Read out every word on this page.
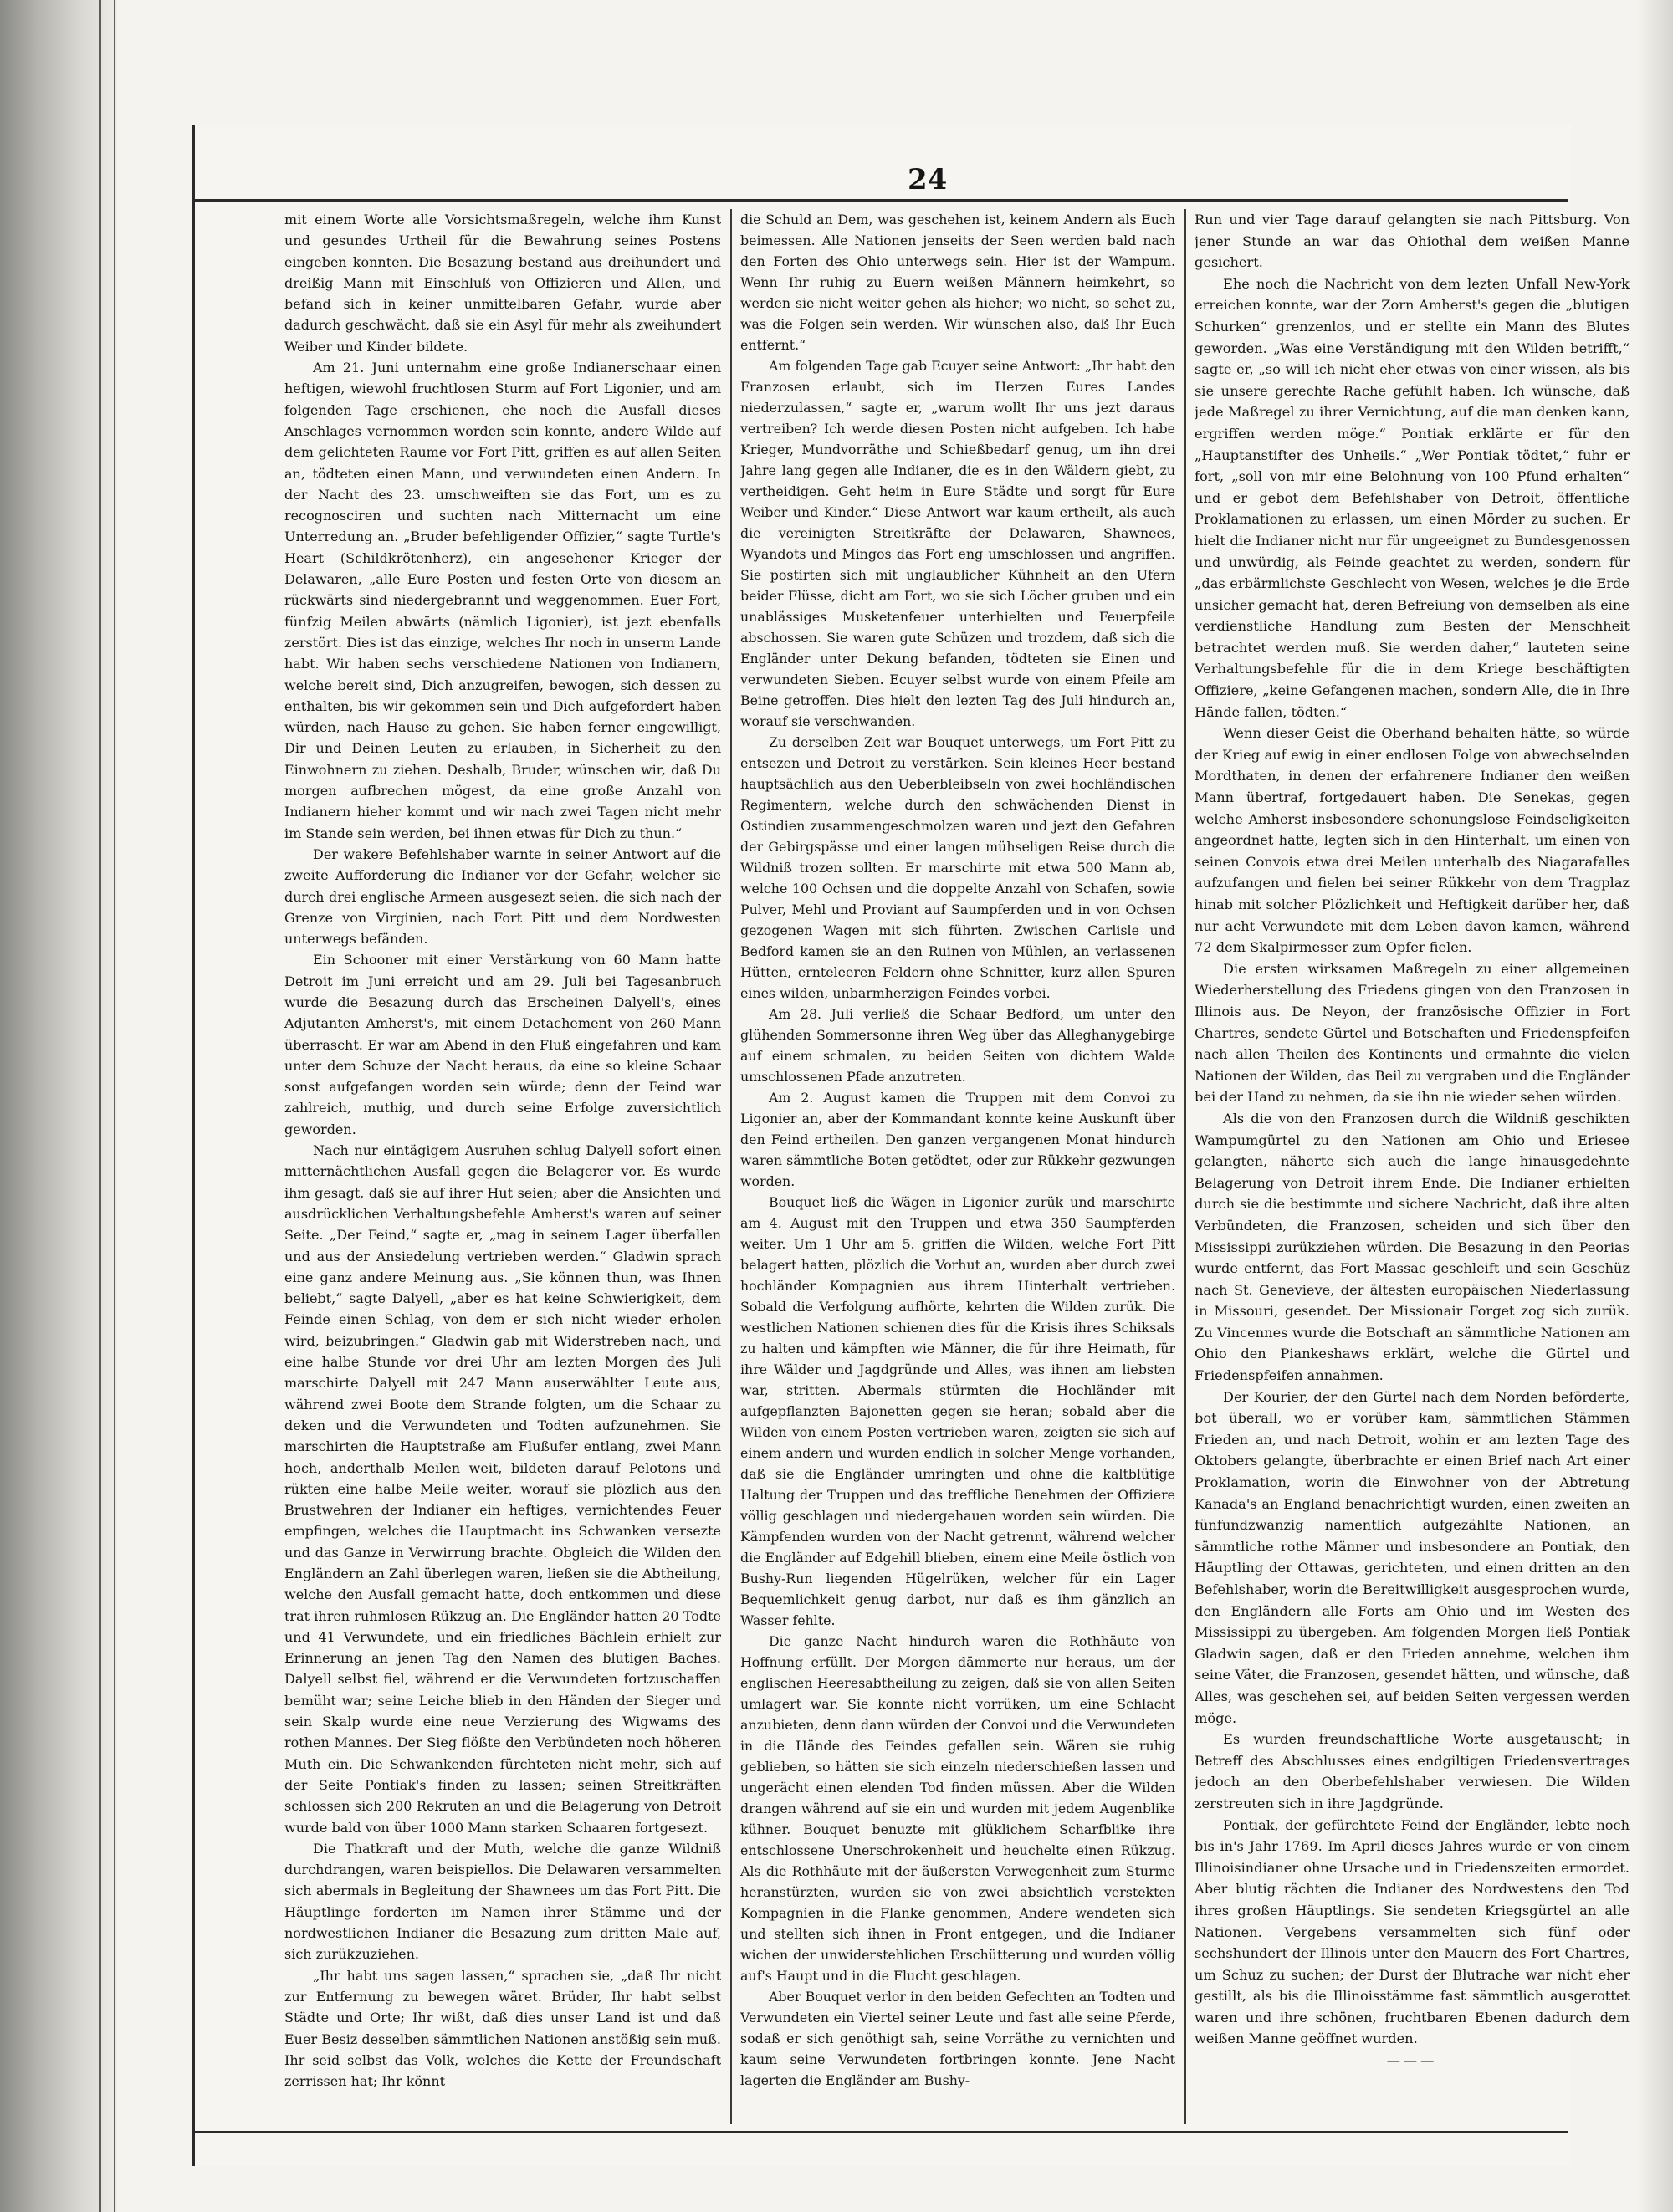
24

mit einem Worte alle Vorsichtsmaßregeln, welche ihm Kunst und gesundes Urtheil für die Bewahrung seines Postens eingeben konnten. Die Besazung bestand aus dreihundert und dreißig Mann mit Einschluß von Offizieren und Allen, und befand sich in keiner unmittelbaren Gefahr, wurde aber dadurch geschwächt, daß sie ein Asyl für mehr als zweihundert Weiber und Kinder bildete.

Am 21. Juni unternahm eine große Indianerschaar einen heftigen, wiewohl fruchtlosen Sturm auf Fort Ligonier, und am folgenden Tage erschienen, ehe noch die Ausfall dieses Anschlages vernommen worden sein konnte, andere Wilde auf dem gelichteten Raume vor Fort Pitt, griffen es auf allen Seiten an, tödteten einen Mann, und verwundeten einen Andern. In der Nacht des 23. umschweiften sie das Fort, um es zu recognosciren und suchten nach Mitternacht um eine Unterredung an. „Bruder befehligender Offizier,“ sagte Turtle's Heart (Schildkrötenherz), ein angesehener Krieger der Delawaren, „alle Eure Posten und festen Orte von diesem an rückwärts sind niedergebrannt und weggenommen. Euer Fort, fünfzig Meilen abwärts (nämlich Ligonier), ist jezt ebenfalls zerstört. Dies ist das einzige, welches Ihr noch in unserm Lande habt. Wir haben sechs verschiedene Nationen von Indianern, welche bereit sind, Dich anzugreifen, bewogen, sich dessen zu enthalten, bis wir gekommen sein und Dich aufgefordert haben würden, nach Hause zu gehen. Sie haben ferner eingewilligt, Dir und Deinen Leuten zu erlauben, in Sicherheit zu den Einwohnern zu ziehen. Deshalb, Bruder, wünschen wir, daß Du morgen aufbrechen mögest, da eine große Anzahl von Indianern hieher kommt und wir nach zwei Tagen nicht mehr im Stande sein werden, bei ihnen etwas für Dich zu thun.“

Der wakere Befehlshaber warnte in seiner Antwort auf die zweite Aufforderung die Indianer vor der Gefahr, welcher sie durch drei englische Armeen ausgesezt seien, die sich nach der Grenze von Virginien, nach Fort Pitt und dem Nordwesten unterwegs befänden.

Ein Schooner mit einer Verstärkung von 60 Mann hatte Detroit im Juni erreicht und am 29. Juli bei Tagesanbruch wurde die Besazung durch das Erscheinen Dalyell's, eines Adjutanten Amherst's, mit einem Detachement von 260 Mann überrascht. Er war am Abend in den Fluß eingefahren und kam unter dem Schuze der Nacht heraus, da eine so kleine Schaar sonst aufgefangen worden sein würde; denn der Feind war zahlreich, muthig, und durch seine Erfolge zuversichtlich geworden.

Nach nur eintägigem Ausruhen schlug Dalyell sofort einen mitternächtlichen Ausfall gegen die Belagerer vor. Es wurde ihm gesagt, daß sie auf ihrer Hut seien; aber die Ansichten und ausdrücklichen Verhaltungsbefehle Amherst's waren auf seiner Seite. „Der Feind,“ sagte er, „mag in seinem Lager überfallen und aus der Ansiedelung vertrieben werden.“ Gladwin sprach eine ganz andere Meinung aus. „Sie können thun, was Ihnen beliebt,“ sagte Dalyell, „aber es hat keine Schwierigkeit, dem Feinde einen Schlag, von dem er sich nicht wieder erholen wird, beizubringen.“ Gladwin gab mit Widerstreben nach, und eine halbe Stunde vor drei Uhr am lezten Morgen des Juli marschirte Dalyell mit 247 Mann auserwählter Leute aus, während zwei Boote dem Strande folgten, um die Schaar zu deken und die Verwundeten und Todten aufzunehmen. Sie marschirten die Hauptstraße am Flußufer entlang, zwei Mann hoch, anderthalb Meilen weit, bildeten darauf Pelotons und rükten eine halbe Meile weiter, worauf sie plözlich aus den Brustwehren der Indianer ein heftiges, vernichtendes Feuer empfingen, welches die Hauptmacht ins Schwanken versezte und das Ganze in Verwirrung brachte. Obgleich die Wilden den Engländern an Zahl überlegen waren, ließen sie die Abtheilung, welche den Ausfall gemacht hatte, doch entkommen und diese trat ihren ruhmlosen Rükzug an. Die Engländer hatten 20 Todte und 41 Verwundete, und ein friedliches Bächlein erhielt zur Erinnerung an jenen Tag den Namen des blutigen Baches. Dalyell selbst fiel, während er die Verwundeten fortzuschaffen bemüht war; seine Leiche blieb in den Händen der Sieger und sein Skalp wurde eine neue Verzierung des Wigwams des rothen Mannes. Der Sieg flößte den Verbündeten noch höheren Muth ein. Die Schwankenden fürchteten nicht mehr, sich auf der Seite Pontiak's finden zu lassen; seinen Streitkräften schlossen sich 200 Rekruten an und die Belagerung von Detroit wurde bald von über 1000 Mann starken Schaaren fortgesezt.

Die Thatkraft und der Muth, welche die ganze Wildniß durchdrangen, waren beispiellos. Die Delawaren versammelten sich abermals in Begleitung der Shawnees um das Fort Pitt. Die Häuptlinge forderten im Namen ihrer Stämme und der nordwestlichen Indianer die Besazung zum dritten Male auf, sich zurükzuziehen.

„Ihr habt uns sagen lassen,“ sprachen sie, „daß Ihr nicht zur Entfernung zu bewegen wäret. Brüder, Ihr habt selbst Städte und Orte; Ihr wißt, daß dies unser Land ist und daß Euer Besiz desselben sämmtlichen Nationen anstößig sein muß. Ihr seid selbst das Volk, welches die Kette der Freundschaft zerrissen hat; Ihr könnt

die Schuld an Dem, was geschehen ist, keinem Andern als Euch beimessen. Alle Nationen jenseits der Seen werden bald nach den Forten des Ohio unterwegs sein. Hier ist der Wampum. Wenn Ihr ruhig zu Euern weißen Männern heimkehrt, so werden sie nicht weiter gehen als hieher; wo nicht, so sehet zu, was die Folgen sein werden. Wir wünschen also, daß Ihr Euch entfernt.“

Am folgenden Tage gab Ecuyer seine Antwort: „Ihr habt den Franzosen erlaubt, sich im Herzen Eures Landes niederzulassen,“ sagte er, „warum wollt Ihr uns jezt daraus vertreiben? Ich werde diesen Posten nicht aufgeben. Ich habe Krieger, Mundvorräthe und Schießbedarf genug, um ihn drei Jahre lang gegen alle Indianer, die es in den Wäldern giebt, zu vertheidigen. Geht heim in Eure Städte und sorgt für Eure Weiber und Kinder.“ Diese Antwort war kaum ertheilt, als auch die vereinigten Streitkräfte der Delawaren, Shawnees, Wyandots und Mingos das Fort eng umschlossen und angriffen. Sie postirten sich mit unglaublicher Kühnheit an den Ufern beider Flüsse, dicht am Fort, wo sie sich Löcher gruben und ein unablässiges Musketenfeuer unterhielten und Feuerpfeile abschossen. Sie waren gute Schüzen und trozdem, daß sich die Engländer unter Dekung befanden, tödteten sie Einen und verwundeten Sieben. Ecuyer selbst wurde von einem Pfeile am Beine getroffen. Dies hielt den lezten Tag des Juli hindurch an, worauf sie verschwanden.

Zu derselben Zeit war Bouquet unterwegs, um Fort Pitt zu entsezen und Detroit zu verstärken. Sein kleines Heer bestand hauptsächlich aus den Ueberbleibseln von zwei hochländischen Regimentern, welche durch den schwächenden Dienst in Ostindien zusammengeschmolzen waren und jezt den Gefahren der Gebirgspässe und einer langen mühseligen Reise durch die Wildniß trozen sollten. Er marschirte mit etwa 500 Mann ab, welche 100 Ochsen und die doppelte Anzahl von Schafen, sowie Pulver, Mehl und Proviant auf Saumpferden und in von Ochsen gezogenen Wagen mit sich führten. Zwischen Carlisle und Bedford kamen sie an den Ruinen von Mühlen, an verlassenen Hütten, ernteleeren Feldern ohne Schnitter, kurz allen Spuren eines wilden, unbarmherzigen Feindes vorbei.

Am 28. Juli verließ die Schaar Bedford, um unter den glühenden Sommersonne ihren Weg über das Alleghanygebirge auf einem schmalen, zu beiden Seiten von dichtem Walde umschlossenen Pfade anzutreten.

Am 2. August kamen die Truppen mit dem Convoi zu Ligonier an, aber der Kommandant konnte keine Auskunft über den Feind ertheilen. Den ganzen vergangenen Monat hindurch waren sämmtliche Boten getödtet, oder zur Rükkehr gezwungen worden.

Bouquet ließ die Wägen in Ligonier zurük und marschirte am 4. August mit den Truppen und etwa 350 Saumpferden weiter. Um 1 Uhr am 5. griffen die Wilden, welche Fort Pitt belagert hatten, plözlich die Vorhut an, wurden aber durch zwei hochländer Kompagnien aus ihrem Hinterhalt vertrieben. Sobald die Verfolgung aufhörte, kehrten die Wilden zurük. Die westlichen Nationen schienen dies für die Krisis ihres Schiksals zu halten und kämpften wie Männer, die für ihre Heimath, für ihre Wälder und Jagdgründe und Alles, was ihnen am liebsten war, stritten. Abermals stürmten die Hochländer mit aufgepflanzten Bajonetten gegen sie heran; sobald aber die Wilden von einem Posten vertrieben waren, zeigten sie sich auf einem andern und wurden endlich in solcher Menge vorhanden, daß sie die Engländer umringten und ohne die kaltblütige Haltung der Truppen und das treffliche Benehmen der Offiziere völlig geschlagen und niedergehauen worden sein würden. Die Kämpfenden wurden von der Nacht getrennt, während welcher die Engländer auf Edgehill blieben, einem eine Meile östlich von Bushy-Run liegenden Hügelrüken, welcher für ein Lager Bequemlichkeit genug darbot, nur daß es ihm gänzlich an Wasser fehlte.

Die ganze Nacht hindurch waren die Rothhäute von Hoffnung erfüllt. Der Morgen dämmerte nur heraus, um der englischen Heeresabtheilung zu zeigen, daß sie von allen Seiten umlagert war. Sie konnte nicht vorrüken, um eine Schlacht anzubieten, denn dann würden der Convoi und die Verwundeten in die Hände des Feindes gefallen sein. Wären sie ruhig geblieben, so hätten sie sich einzeln niederschießen lassen und ungerächt einen elenden Tod finden müssen. Aber die Wilden drangen während auf sie ein und wurden mit jedem Augenblike kühner. Bouquet benuzte mit glüklichem Scharfblike ihre entschlossene Unerschrokenheit und heuchelte einen Rükzug. Als die Rothhäute mit der äußersten Verwegenheit zum Sturme heranstürzten, wurden sie von zwei absichtlich verstekten Kompagnien in die Flanke genommen, Andere wendeten sich und stellten sich ihnen in Front entgegen, und die Indianer wichen der unwiderstehlichen Erschütterung und wurden völlig auf's Haupt und in die Flucht geschlagen.

Aber Bouquet verlor in den beiden Gefechten an Todten und Verwundeten ein Viertel seiner Leute und fast alle seine Pferde, sodaß er sich genöthigt sah, seine Vorräthe zu vernichten und kaum seine Verwundeten fortbringen konnte. Jene Nacht lagerten die Engländer am Bushy-

Run und vier Tage darauf gelangten sie nach Pittsburg. Von jener Stunde an war das Ohiothal dem weißen Manne gesichert.

Ehe noch die Nachricht von dem lezten Unfall New-York erreichen konnte, war der Zorn Amherst's gegen die „blutigen Schurken“ grenzenlos, und er stellte ein Mann des Blutes geworden. „Was eine Verständigung mit den Wilden betrifft,“ sagte er, „so will ich nicht eher etwas von einer wissen, als bis sie unsere gerechte Rache gefühlt haben. Ich wünsche, daß jede Maßregel zu ihrer Vernichtung, auf die man denken kann, ergriffen werden möge.“ Pontiak erklärte er für den „Hauptanstifter des Unheils.“ „Wer Pontiak tödtet,“ fuhr er fort, „soll von mir eine Belohnung von 100 Pfund erhalten“ und er gebot dem Befehlshaber von Detroit, öffentliche Proklamationen zu erlassen, um einen Mörder zu suchen. Er hielt die Indianer nicht nur für ungeeignet zu Bundesgenossen und unwürdig, als Feinde geachtet zu werden, sondern für „das erbärmlichste Geschlecht von Wesen, welches je die Erde unsicher gemacht hat, deren Befreiung von demselben als eine verdienstliche Handlung zum Besten der Menschheit betrachtet werden muß. Sie werden daher,“ lauteten seine Verhaltungsbefehle für die in dem Kriege beschäftigten Offiziere, „keine Gefangenen machen, sondern Alle, die in Ihre Hände fallen, tödten.“

Wenn dieser Geist die Oberhand behalten hätte, so würde der Krieg auf ewig in einer endlosen Folge von abwechselnden Mordthaten, in denen der erfahrenere Indianer den weißen Mann übertraf, fortgedauert haben. Die Senekas, gegen welche Amherst insbesondere schonungslose Feindseligkeiten angeordnet hatte, legten sich in den Hinterhalt, um einen von seinen Convois etwa drei Meilen unterhalb des Niagarafalles aufzufangen und fielen bei seiner Rükkehr von dem Tragplaz hinab mit solcher Plözlichkeit und Heftigkeit darüber her, daß nur acht Verwundete mit dem Leben davon kamen, während 72 dem Skalpirmesser zum Opfer fielen.

Die ersten wirksamen Maßregeln zu einer allgemeinen Wiederherstellung des Friedens gingen von den Franzosen in Illinois aus. De Neyon, der französische Offizier in Fort Chartres, sendete Gürtel und Botschaften und Friedenspfeifen nach allen Theilen des Kontinents und ermahnte die vielen Nationen der Wilden, das Beil zu vergraben und die Engländer bei der Hand zu nehmen, da sie ihn nie wieder sehen würden.

Als die von den Franzosen durch die Wildniß geschikten Wampumgürtel zu den Nationen am Ohio und Eriesee gelangten, näherte sich auch die lange hinausgedehnte Belagerung von Detroit ihrem Ende. Die Indianer erhielten durch sie die bestimmte und sichere Nachricht, daß ihre alten Verbündeten, die Franzosen, scheiden und sich über den Mississippi zurükziehen würden. Die Besazung in den Peorias wurde entfernt, das Fort Massac geschleift und sein Geschüz nach St. Genevieve, der ältesten europäischen Niederlassung in Missouri, gesendet. Der Missionair Forget zog sich zurük. Zu Vincennes wurde die Botschaft an sämmtliche Nationen am Ohio den Piankeshaws erklärt, welche die Gürtel und Friedenspfeifen annahmen.

Der Kourier, der den Gürtel nach dem Norden beförderte, bot überall, wo er vorüber kam, sämmtlichen Stämmen Frieden an, und nach Detroit, wohin er am lezten Tage des Oktobers gelangte, überbrachte er einen Brief nach Art einer Proklamation, worin die Einwohner von der Abtretung Kanada's an England benachrichtigt wurden, einen zweiten an fünfundzwanzig namentlich aufgezählte Nationen, an sämmtliche rothe Männer und insbesondere an Pontiak, den Häuptling der Ottawas, gerichteten, und einen dritten an den Befehlshaber, worin die Bereitwilligkeit ausgesprochen wurde, den Engländern alle Forts am Ohio und im Westen des Mississippi zu übergeben. Am folgenden Morgen ließ Pontiak Gladwin sagen, daß er den Frieden annehme, welchen ihm seine Väter, die Franzosen, gesendet hätten, und wünsche, daß Alles, was geschehen sei, auf beiden Seiten vergessen werden möge.

Es wurden freundschaftliche Worte ausgetauscht; in Betreff des Abschlusses eines endgiltigen Friedensvertrages jedoch an den Oberbefehlshaber verwiesen. Die Wilden zerstreuten sich in ihre Jagdgründe.

Pontiak, der gefürchtete Feind der Engländer, lebte noch bis in's Jahr 1769. Im April dieses Jahres wurde er von einem Illinoisindianer ohne Ursache und in Friedenszeiten ermordet. Aber blutig rächten die Indianer des Nordwestens den Tod ihres großen Häuptlings. Sie sendeten Kriegsgürtel an alle Nationen. Vergebens versammelten sich fünf oder sechshundert der Illinois unter den Mauern des Fort Chartres, um Schuz zu suchen; der Durst der Blutrache war nicht eher gestillt, als bis die Illinoisstämme fast sämmtlich ausgerottet waren und ihre schönen, fruchtbaren Ebenen dadurch dem weißen Manne geöffnet wurden.

———
